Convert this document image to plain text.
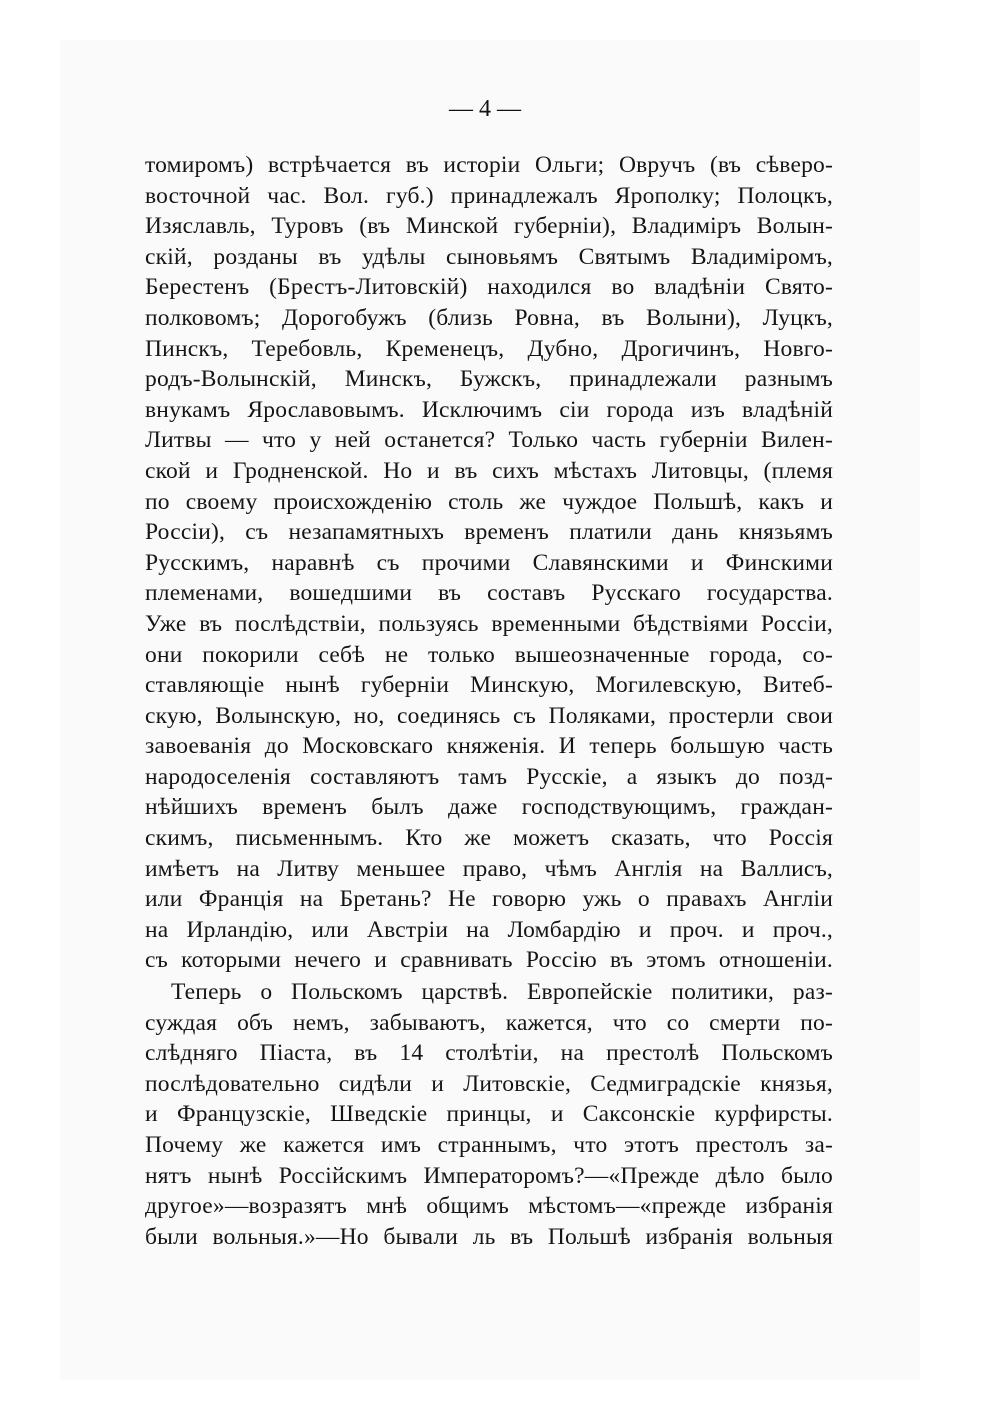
— 4 —
томиромъ) встрѣчается въ исторіи Ольги; Овручъ (въ сѣверо-
восточной час. Вол. губ.) принадлежалъ Ярополку; Полоцкъ,
Изяславль, Туровъ (въ Минской губерніи), Владиміръ Волын-
скій, розданы въ удѣлы сыновьямъ Святымъ Владиміромъ,
Берестенъ (Брестъ-Литовскій) находился во владѣніи Свято-
полковомъ; Дорогобужъ (близь Ровна, въ Волыни), Луцкъ,
Пинскъ, Теребовль, Кременецъ, Дубно, Дрогичинъ, Новго-
родъ-Волынскій, Минскъ, Бужскъ, принадлежали разнымъ
внукамъ Ярославовымъ. Исключимъ сіи города изъ владѣній
Литвы — что у ней останется? Только часть губерніи Вилен-
ской и Гродненской. Но и въ сихъ мѣстахъ Литовцы, (племя
по своему происхожденію столь же чуждое Польшѣ, какъ и
Россіи), съ незапамятныхъ временъ платили дань князьямъ
Русскимъ, наравнѣ съ прочими Славянскими и Финскими
племенами, вошедшими въ составъ Русскаго государства.
Уже въ послѣдствіи, пользуясь временными бѣдствіями Россіи,
они покорили себѣ не только вышеозначенные города, со-
ставляющіе нынѣ губерніи Минскую, Могилевскую, Витеб-
скую, Волынскую, но, соединясь съ Поляками, простерли свои
завоеванія до Московскаго княженія. И теперь большую часть
народоселенія составляютъ тамъ Русскіе, а языкъ до позд-
нѣйшихъ временъ былъ даже господствующимъ, граждан-
скимъ, письменнымъ. Кто же можетъ сказать, что Россія
имѣетъ на Литву меньшее право, чѣмъ Англія на Валлисъ,
или Франція на Бретань? Не говорю ужь о правахъ Англіи
на Ирландію, или Австріи на Ломбардію и проч. и проч.,
съ которыми нечего и сравнивать Россію въ этомъ отношеніи.
Теперь о Польскомъ царствѣ. Европейскіе политики, раз-
суждая объ немъ, забываютъ, кажется, что со смерти по-
слѣдняго Піаста, въ 14 столѣтіи, на престолѣ Польскомъ
послѣдовательно сидѣли и Литовскіе, Седмиградскіе князья,
и Французскіе, Шведскіе принцы, и Саксонскіе курфирсты.
Почему же кажется имъ страннымъ, что этотъ престолъ за-
нятъ нынѣ Россійскимъ Императоромъ?—«Прежде дѣло было
другое»—возразятъ мнѣ общимъ мѣстомъ—«прежде избранія
были вольныя.»—Но бывали ль въ Польшѣ избранія вольныя
